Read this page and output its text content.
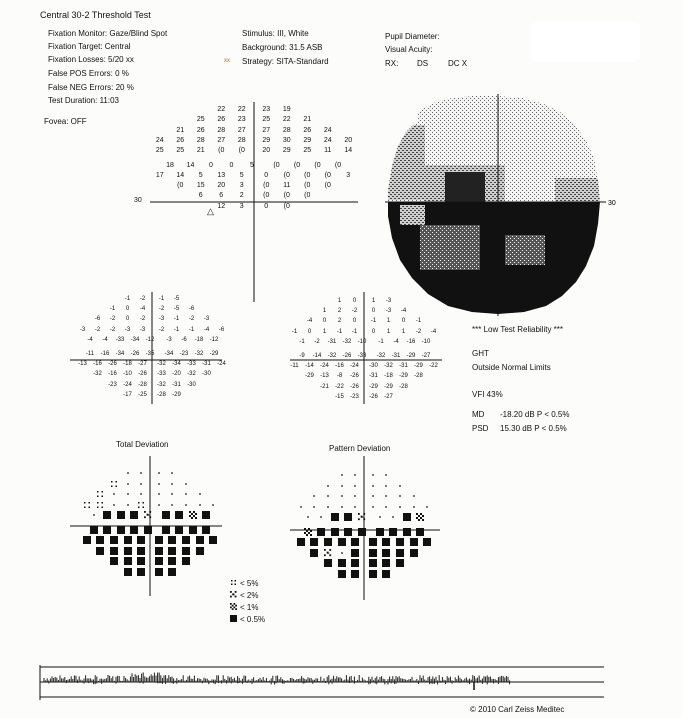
Central 30-2 Threshold Test
Fixation Monitor: Gaze/Blind Spot
Fixation Target: Central
Fixation Losses: 5/20 xx
False POS Errors: 0 %
False NEG Errors: 20 %
Test Duration: 11:03
Fovea: OFF
Stimulus: III, White
Background: 31.5 ASB
xx Strategy: SITA-Standard
Pupil Diameter:
Visual Acuity:
RX: DS DC X
30
22	22	23	19
25	26	23	25	22	21
21	26	28	27	27	28	26	24
24	26	28	27	28	29	30	29	24	20
25	25	21	(0	(0	20	29	25	11	14
18	14	0	0	5	(0	(0	(0	(0
17	14	5	13	5	0	(0	(0	(0	3
(0	15	20	3	(0	11	(0	(0
6	6	2	(0	(0	(0
12	3	0	(0
△
30
-1	-2	-1	-5
-1	0	-4	-2	-5	-6
-6	-2	0	-2	-3	-1	-2	-3
-3	-2	-2	-3	-3	-2	-1	-1	-4	-6
-4	-4	-33	-34	-12	-3	-6	-18	-12
-11	-16	-34	-26	-35	-34	-23	-32	-29
-13	-16	-26	-18	-27	-32	-34	-33	-31	-24
-32	-16	-10	-26	-33	-20	-32	-30
-23	-24	-28	-32	-31	-30
-17	-25	-28	-29
1	0	1	-3
1	2	-2	0	-3	-4
-4	0	2	0	-1	1	0	-1
-1	0	1	-1	-1	0	1	1	-2	-4
-1	-2	-31	-32	-10	-1	-4	-16	-10
-9	-14	-32	-26	-33	-32	-31	-29	-27
-11	-14	-24	-16	-24	-30	-32	-31	-29	-22
-29	-13	-8	-26	-31	-18	-29	-28
-21	-22	-26	-29	-29	-28
-15	-23	-26	-27
Total Deviation	Pattern Deviation
< 5%
< 2%
< 1%
< 0.5%
*** Low Test Reliability ***
GHT
Outside Normal Limits
VFI 43%
MD -18.20 dB P < 0.5%
PSD 15.30 dB P < 0.5%
© 2010 Carl Zeiss Meditec
